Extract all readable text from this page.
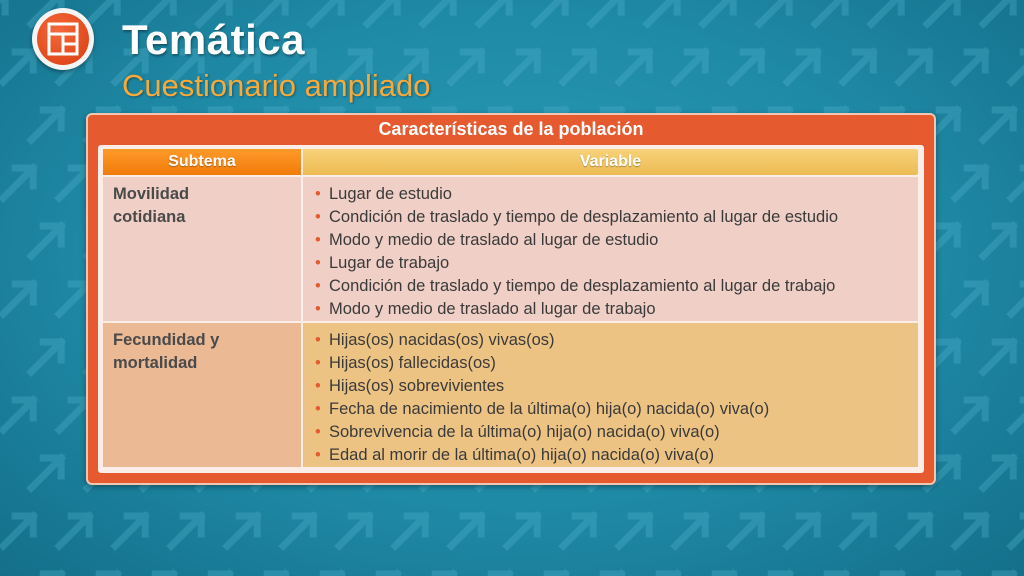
Temática
Cuestionario ampliado
Características de la población
Subtema	Variable
Movilidad cotidiana
• Lugar de estudio
• Condición de traslado y tiempo de desplazamiento al lugar de estudio
• Modo y medio de traslado al lugar de estudio
• Lugar de trabajo
• Condición de traslado y tiempo de desplazamiento al lugar de trabajo
• Modo y medio de traslado al lugar de trabajo
Fecundidad y mortalidad
• Hijas(os) nacidas(os) vivas(os)
• Hijas(os) fallecidas(os)
• Hijas(os) sobrevivientes
• Fecha de nacimiento de la última(o) hija(o) nacida(o) viva(o)
• Sobrevivencia de la última(o) hija(o) nacida(o) viva(o)
• Edad al morir de la última(o) hija(o) nacida(o) viva(o)
